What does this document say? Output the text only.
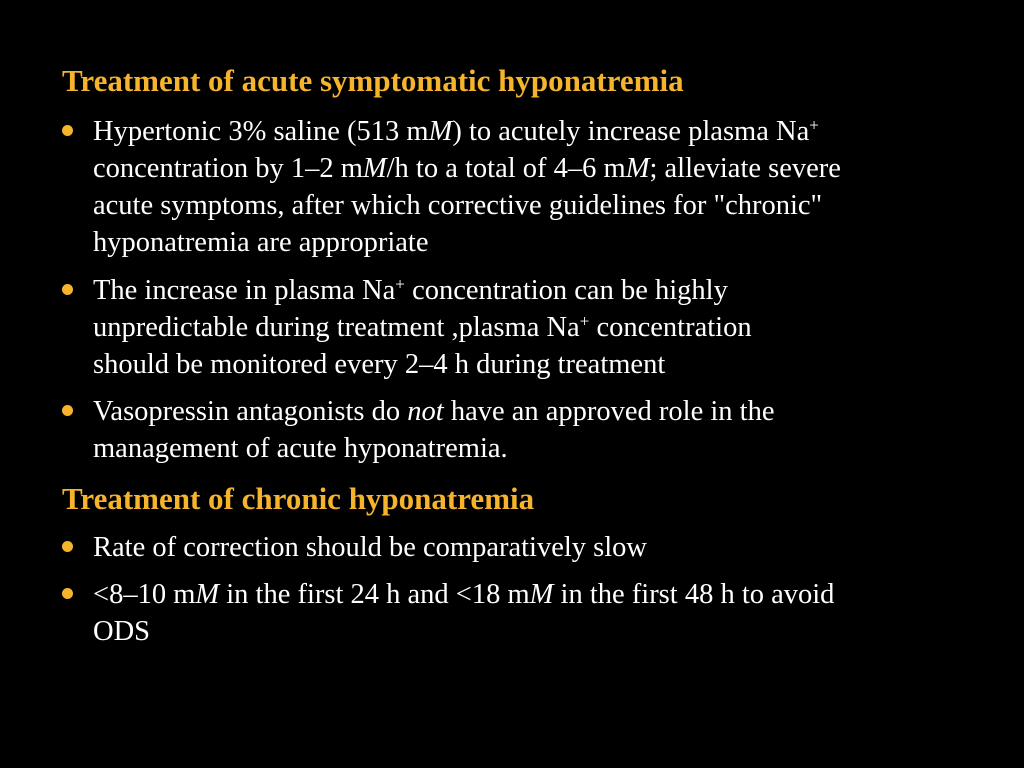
Treatment of acute symptomatic hyponatremia
Hypertonic 3% saline (513 mM) to acutely increase plasma Na+
concentration by 1–2 mM/h to a total of 4–6 mM; alleviate severe
acute symptoms, after which corrective guidelines for "chronic"
hyponatremia are appropriate
The increase in plasma Na+ concentration can be highly
unpredictable during treatment ,plasma Na+ concentration
should be monitored every 2–4 h during treatment
Vasopressin antagonists do not have an approved role in the
management of acute hyponatremia.
Treatment of chronic hyponatremia
Rate of correction should be comparatively slow
<8–10 mM in the first 24 h and <18 mM in the first 48 h to avoid
ODS
